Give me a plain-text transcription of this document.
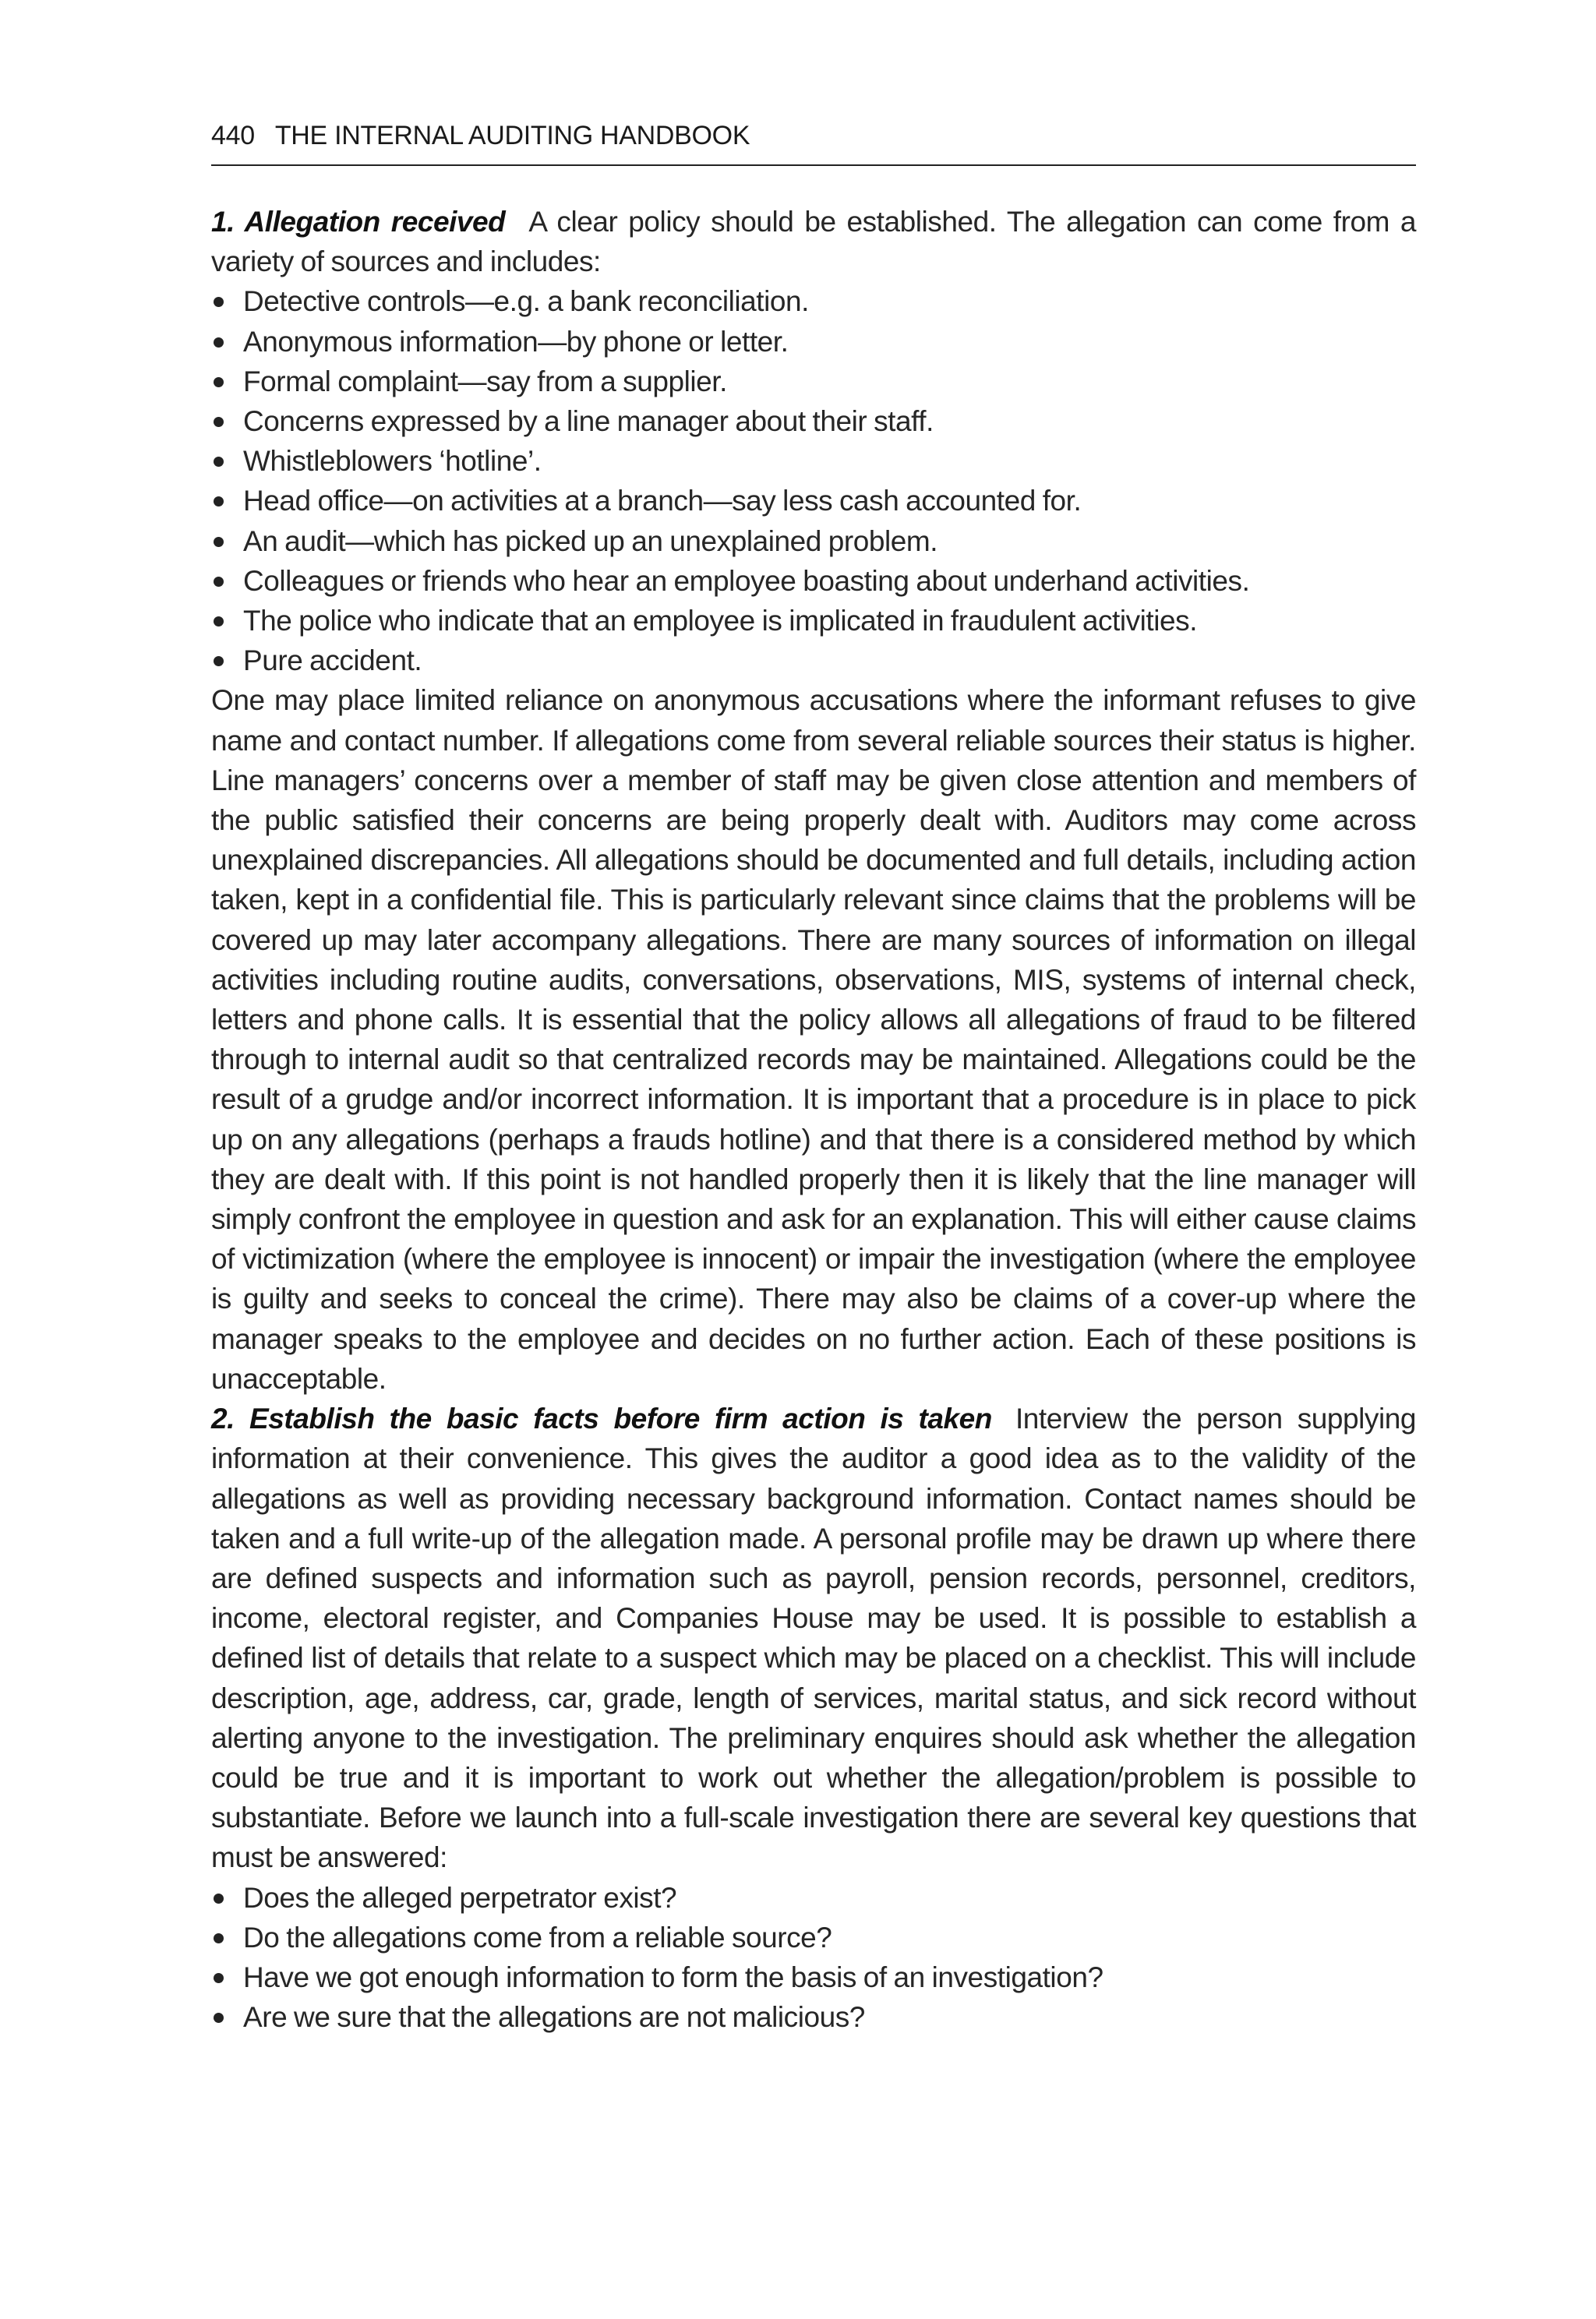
440 THE INTERNAL AUDITING HANDBOOK

1. Allegation received A clear policy should be established. The allegation can come from a variety of sources and includes:

Detective controls—e.g. a bank reconciliation.
Anonymous information—by phone or letter.
Formal complaint—say from a supplier.
Concerns expressed by a line manager about their staff.
Whistleblowers ‘hotline’.
Head office—on activities at a branch—say less cash accounted for.
An audit—which has picked up an unexplained problem.
Colleagues or friends who hear an employee boasting about underhand activities.
The police who indicate that an employee is implicated in fraudulent activities.
Pure accident.

One may place limited reliance on anonymous accusations where the informant refuses to give name and contact number. If allegations come from several reliable sources their status is higher. Line managers’ concerns over a member of staff may be given close attention and members of the public satisfied their concerns are being properly dealt with. Auditors may come across unexplained discrepancies. All allegations should be documented and full details, including action taken, kept in a confidential file. This is particularly relevant since claims that the problems will be covered up may later accompany allegations. There are many sources of information on illegal activities including routine audits, conversations, observations, MIS, systems of internal check, letters and phone calls. It is essential that the policy allows all allegations of fraud to be filtered through to internal audit so that centralized records may be maintained. Allegations could be the result of a grudge and/or incorrect information. It is important that a procedure is in place to pick up on any allegations (perhaps a frauds hotline) and that there is a considered method by which they are dealt with. If this point is not handled properly then it is likely that the line manager will simply confront the employee in question and ask for an explanation. This will either cause claims of victimization (where the employee is innocent) or impair the investigation (where the employee is guilty and seeks to conceal the crime). There may also be claims of a cover-up where the manager speaks to the employee and decides on no further action. Each of these positions is unacceptable.

2. Establish the basic facts before firm action is taken Interview the person supplying information at their convenience. This gives the auditor a good idea as to the validity of the allegations as well as providing necessary background information. Contact names should be taken and a full write-up of the allegation made. A personal profile may be drawn up where there are defined suspects and information such as payroll, pension records, personnel, creditors, income, electoral register, and Companies House may be used. It is possible to establish a defined list of details that relate to a suspect which may be placed on a checklist. This will include description, age, address, car, grade, length of services, marital status, and sick record without alerting anyone to the investigation. The preliminary enquires should ask whether the allegation could be true and it is important to work out whether the allegation/problem is possible to substantiate. Before we launch into a full-scale investigation there are several key questions that must be answered:

Does the alleged perpetrator exist?
Do the allegations come from a reliable source?
Have we got enough information to form the basis of an investigation?
Are we sure that the allegations are not malicious?
